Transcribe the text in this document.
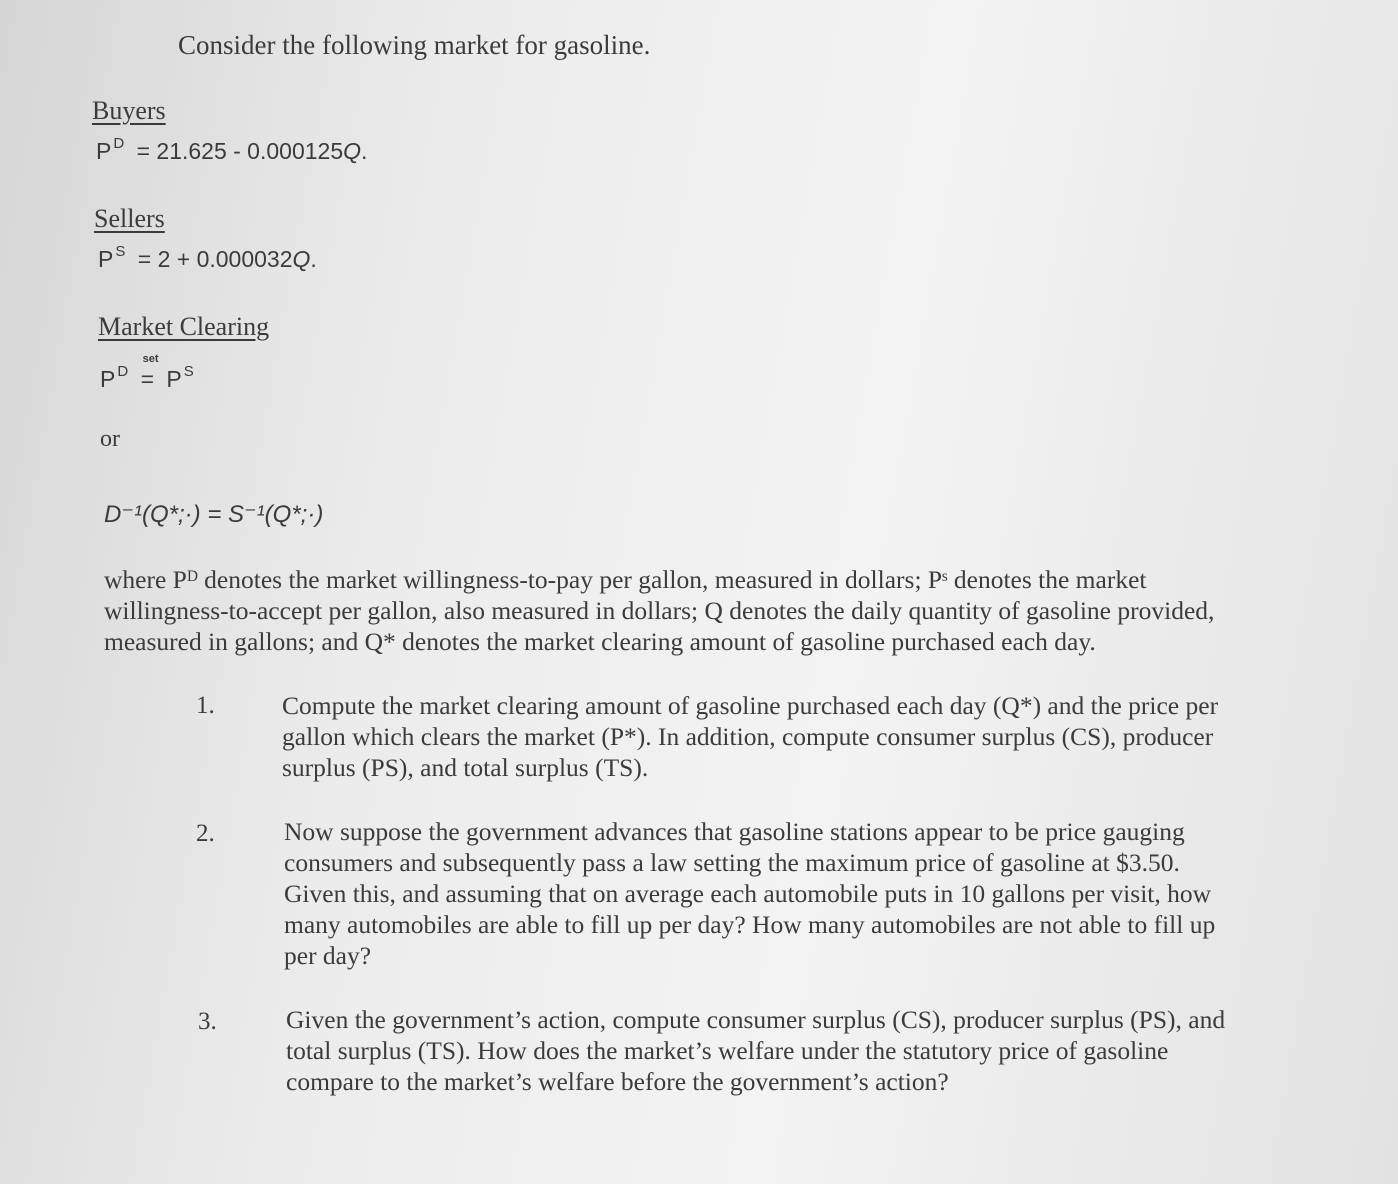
Consider the following market for gasoline.
Buyers
P $^D$ = 21.625 - 0.000125Q.
Sellers
P $^S$ = 2 + 0.000032Q.
Market Clearing
P $^D$
set
= P $^S$
or
D⁻¹(Q*;·) = S⁻¹(Q*;·)
where Pᴰ denotes the market willingness-to-pay per gallon, measured in dollars; Pˢ denotes the market
willingness-to-accept per gallon, also measured in dollars; Q denotes the daily quantity of gasoline provided,
measured in gallons; and Q* denotes the market clearing amount of gasoline purchased each day.
1.	Compute the market clearing amount of gasoline purchased each day (Q*) and the price per
gallon which clears the market (P*). In addition, compute consumer surplus (CS), producer
surplus (PS), and total surplus (TS).
2.	Now suppose the government advances that gasoline stations appear to be price gauging
consumers and subsequently pass a law setting the maximum price of gasoline at $3.50.
Given this, and assuming that on average each automobile puts in 10 gallons per visit, how
many automobiles are able to fill up per day? How many automobiles are not able to fill up
per day?
3.	Given the government’s action, compute consumer surplus (CS), producer surplus (PS), and
total surplus (TS). How does the market’s welfare under the statutory price of gasoline
compare to the market’s welfare before the government’s action?
